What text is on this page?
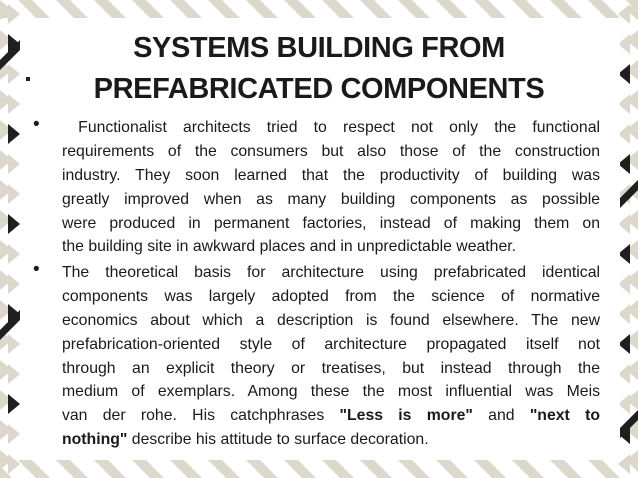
SYSTEMS BUILDING FROM
PREFABRICATED COMPONENTS
• Functionalist architects tried to respect not only the functional
requirements of the consumers but also those of the construction
industry. They soon learned that the productivity of building was
greatly improved when as many building components as possible
were produced in permanent factories, instead of making them on
the building site in awkward places and in unpredictable weather.
• The theoretical basis for architecture using prefabricated identical
components was largely adopted from the science of normative
economics about which a description is found elsewhere. The new
prefabrication-oriented style of architecture propagated itself not
through an explicit theory or treatises, but instead through the
medium of exemplars. Among these the most influential was Meis
van der rohe. His catchphrases "Less is more" and "next to
nothing" describe his attitude to surface decoration.
